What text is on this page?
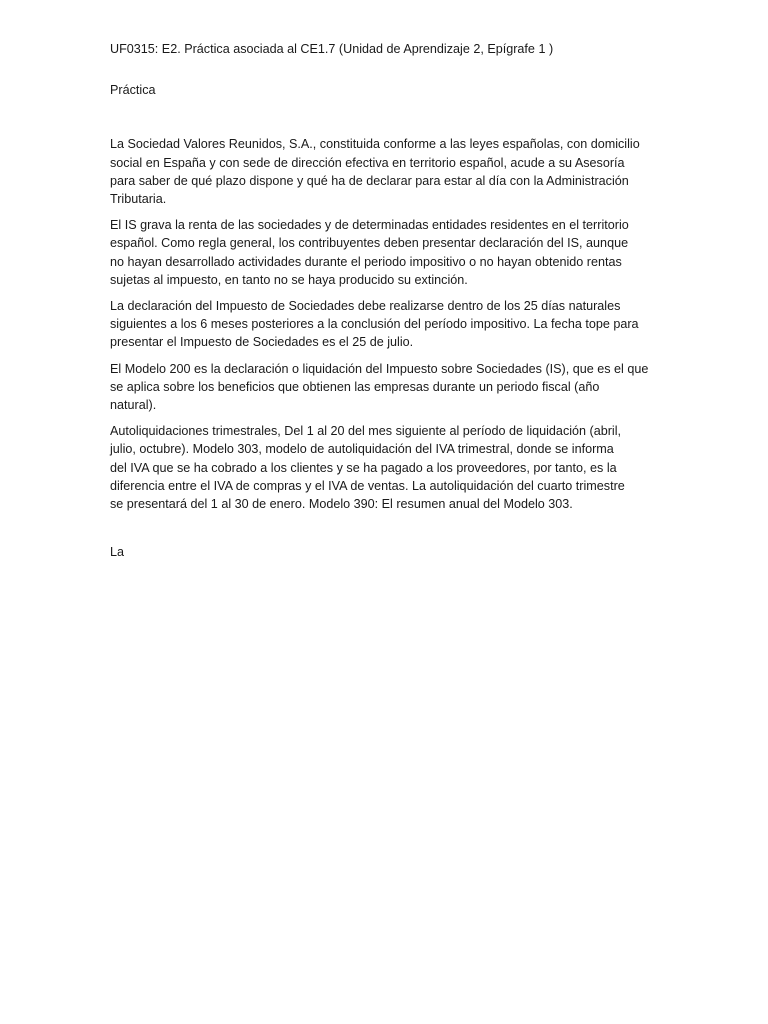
UF0315: E2. Práctica asociada al CE1.7 (Unidad de Aprendizaje 2, Epígrafe 1 )

Práctica

La Sociedad Valores Reunidos, S.A., constituida conforme a las leyes españolas, con domicilio

social en España y con sede de dirección efectiva en territorio español, acude a su Asesoría

para saber de qué plazo dispone y qué ha de declarar para estar al día con la Administración

Tributaria.

El IS grava la renta de las sociedades y de determinadas entidades residentes en el territorio

español. Como regla general, los contribuyentes deben presentar declaración del IS, aunque

no hayan desarrollado actividades durante el periodo impositivo o no hayan obtenido rentas

sujetas al impuesto, en tanto no se haya producido su extinción.

La declaración del Impuesto de Sociedades debe realizarse dentro de los 25 días naturales

siguientes a los 6 meses posteriores a la conclusión del período impositivo. La fecha tope para

presentar el Impuesto de Sociedades es el 25 de julio.

El Modelo 200 es la declaración o liquidación del Impuesto sobre Sociedades (IS), que es el que

se aplica sobre los beneficios que obtienen las empresas durante un periodo fiscal (año

natural).

Autoliquidaciones trimestrales, Del 1 al 20 del mes siguiente al período de liquidación (abril,

julio, octubre). Modelo 303, modelo de autoliquidación del IVA trimestral, donde se informa

del IVA que se ha cobrado a los clientes y se ha pagado a los proveedores, por tanto, es la

diferencia entre el IVA de compras y el IVA de ventas. La autoliquidación del cuarto trimestre

se presentará del 1 al 30 de enero. Modelo 390: El resumen anual del Modelo 303.

La
